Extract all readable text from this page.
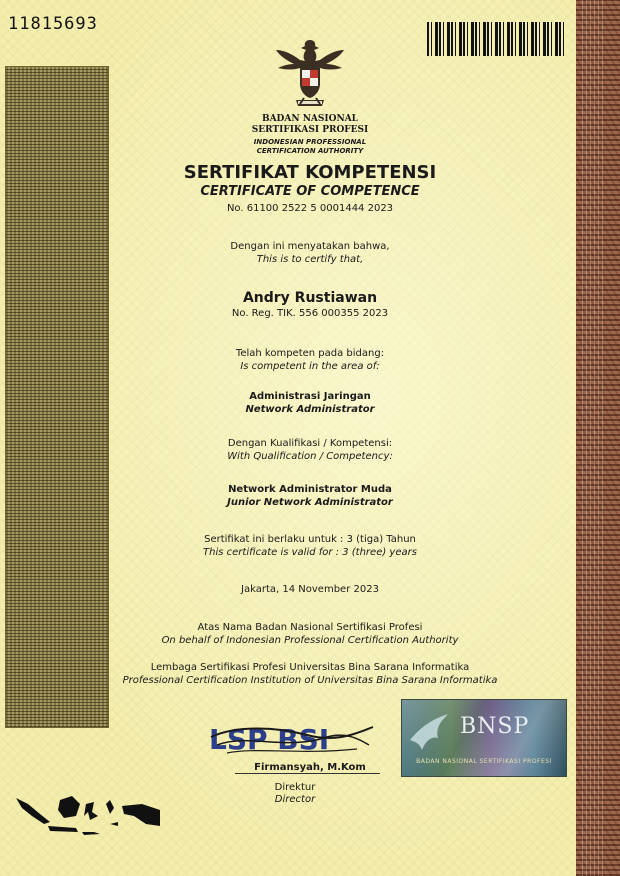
11815693
BADAN NASIONAL
SERTIFIKASI PROFESI
INDONESIAN PROFESSIONAL
CERTIFICATION AUTHORITY
SERTIFIKAT KOMPETENSI
CERTIFICATE OF COMPETENCE
No. 61100 2522 5 0001444 2023
Dengan ini menyatakan bahwa,
This is to certify that,
Andry Rustiawan
No. Reg. TIK. 556 000355 2023
Telah kompeten pada bidang:
Is competent in the area of:
Administrasi Jaringan
Network Administrator
Dengan Kualifikasi / Kompetensi:
With Qualification / Competency:
Network Administrator Muda
Junior Network Administrator
Sertifikat ini berlaku untuk : 3 (tiga) Tahun
This certificate is valid for : 3 (three) years
Jakarta, 14 November 2023
Atas Nama Badan Nasional Sertifikasi Profesi
On behalf of Indonesian Professional Certification Authority
Lembaga Sertifikasi Profesi Universitas Bina Sarana Informatika
Professional Certification Institution of Universitas Bina Sarana Informatika
LSP BSI
Firmansyah, M.Kom
Direktur
Director
BNSP
BADAN NASIONAL SERTIFIKASI PROFESI
